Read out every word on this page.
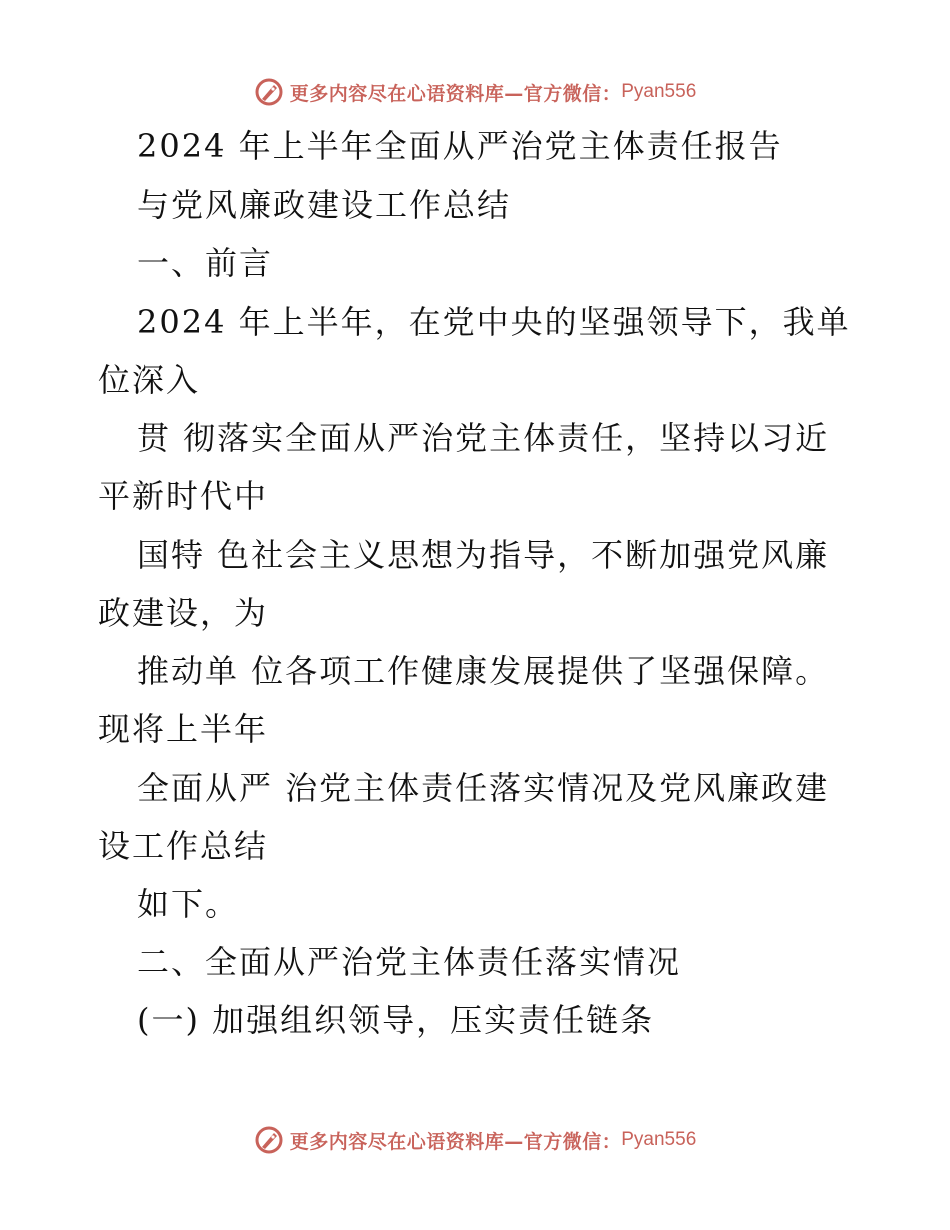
更多内容尽在心语资料库—官方微信： Pyan556
2024 年上半年全面从严治党主体责任报告
与党风廉政建设工作总结
一、前言
2024 年上半年，在党中央的坚强领导下，我单
位深入
贯 彻落实全面从严治党主体责任，坚持以习近
平新时代中
国特 色社会主义思想为指导，不断加强党风廉
政建设，为
推动单 位各项工作健康发展提供了坚强保障。
现将上半年
全面从严 治党主体责任落实情况及党风廉政建
设工作总结
如下。
二、全面从严治党主体责任落实情况
(一) 加强组织领导，压实责任链条
更多内容尽在心语资料库—官方微信： Pyan556
